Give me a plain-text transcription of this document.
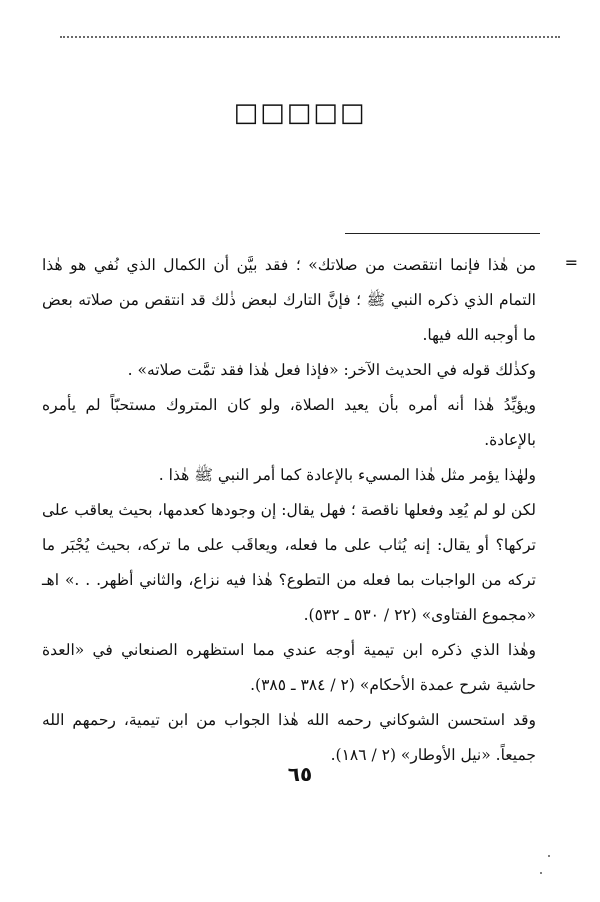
□□□□□
=

من هٰذا فإنما انتقصت من صلاتك» ؛ فقد بيَّن أن الكمال الذي نُفي هو هٰذا التمام الذي ذكره النبي ﷺ ؛ فإنَّ التارك لبعض ذٰلك قد انتقص من صلاته بعض ما أوجبه الله فيها.

وكذٰلك قوله في الحديث الآخر: «فإذا فعل هٰذا فقد تمَّت صلاته» .

ويؤيِّدُ هٰذا أنه أمره بأن يعيد الصلاة، ولو كان المتروك مستحبّاً لم يأمره بالإعادة.

ولهٰذا يؤمر مثل هٰذا المسيء بالإعادة كما أمر النبي ﷺ هٰذا .

لكن لو لم يُعِد وفعلها ناقصة ؛ فهل يقال: إن وجودها كعدمها، بحيث يعاقب على تركها؟ أو يقال: إنه يُثاب على ما فعله، ويعاقَب على ما تركه، بحيث يُجْبَر ما تركه من الواجبات بما فعله من التطوع؟ هٰذا فيه نزاع، والثاني أظهر. . .» اهـ «مجموع الفتاوى» (٢٢ / ٥٣٠ ـ ٥٣٢).

وهٰذا الذي ذكره ابن تيمية أوجه عندي مما استظهره الصنعاني في «العدة حاشية شرح عمدة الأحكام» (٢ / ٣٨٤ ـ ٣٨٥).

وقد استحسن الشوكاني رحمه الله هٰذا الجواب من ابن تيمية، رحمهم الله جميعاً. «نيل الأوطار» (٢ / ١٨٦).

٦٥
